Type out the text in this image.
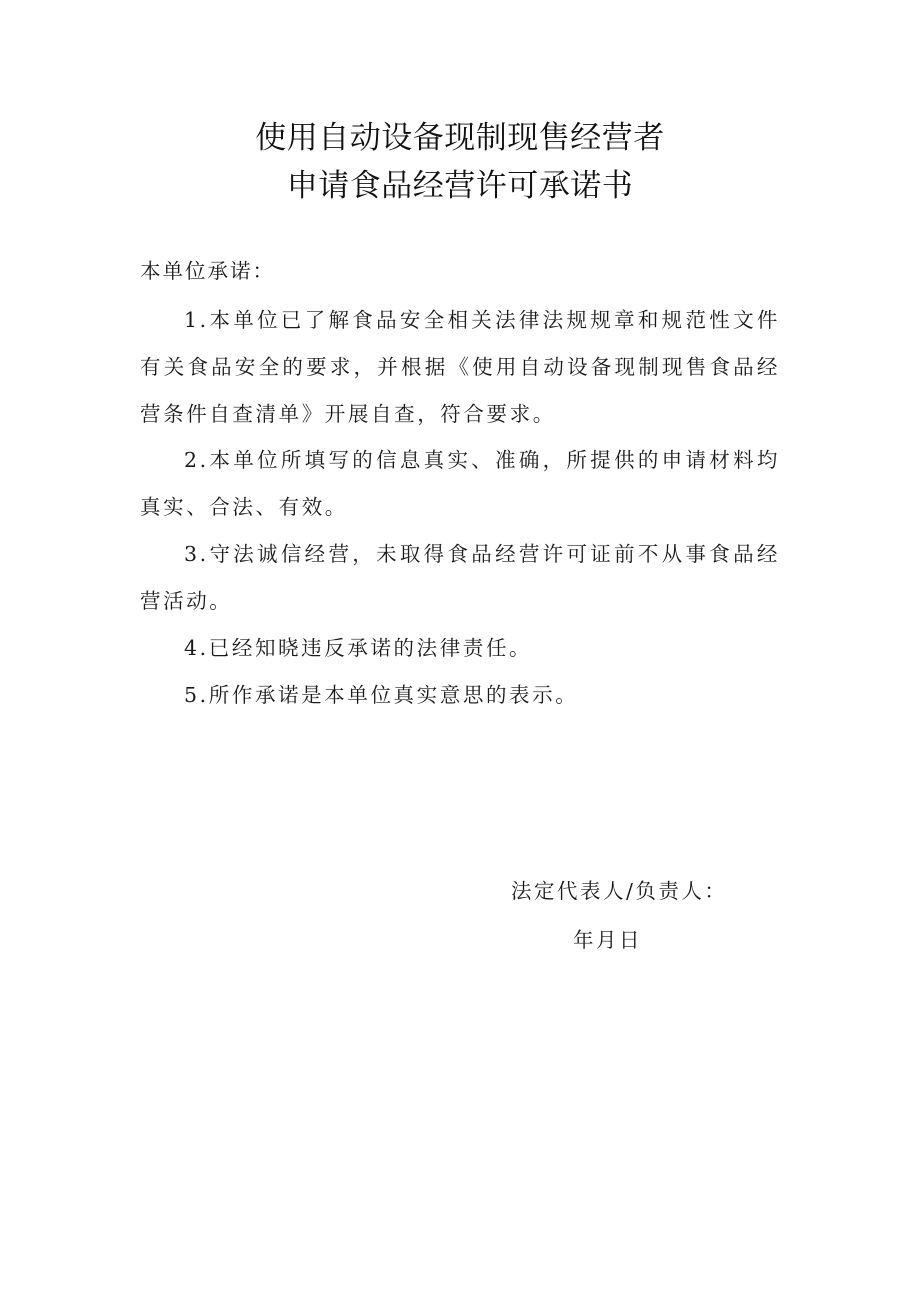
使用自动设备现制现售经营者
申请食品经营许可承诺书
本单位承诺：
1.本单位已了解食品安全相关法律法规规章和规范性文件有关食品安全的要求，并根据《使用自动设备现制现售食品经营条件自查清单》开展自查，符合要求。
2.本单位所填写的信息真实、准确，所提供的申请材料均真实、合法、有效。
3.守法诚信经营，未取得食品经营许可证前不从事食品经营活动。
4.已经知晓违反承诺的法律责任。
5.所作承诺是本单位真实意思的表示。
法定代表人/负责人：
年月日
